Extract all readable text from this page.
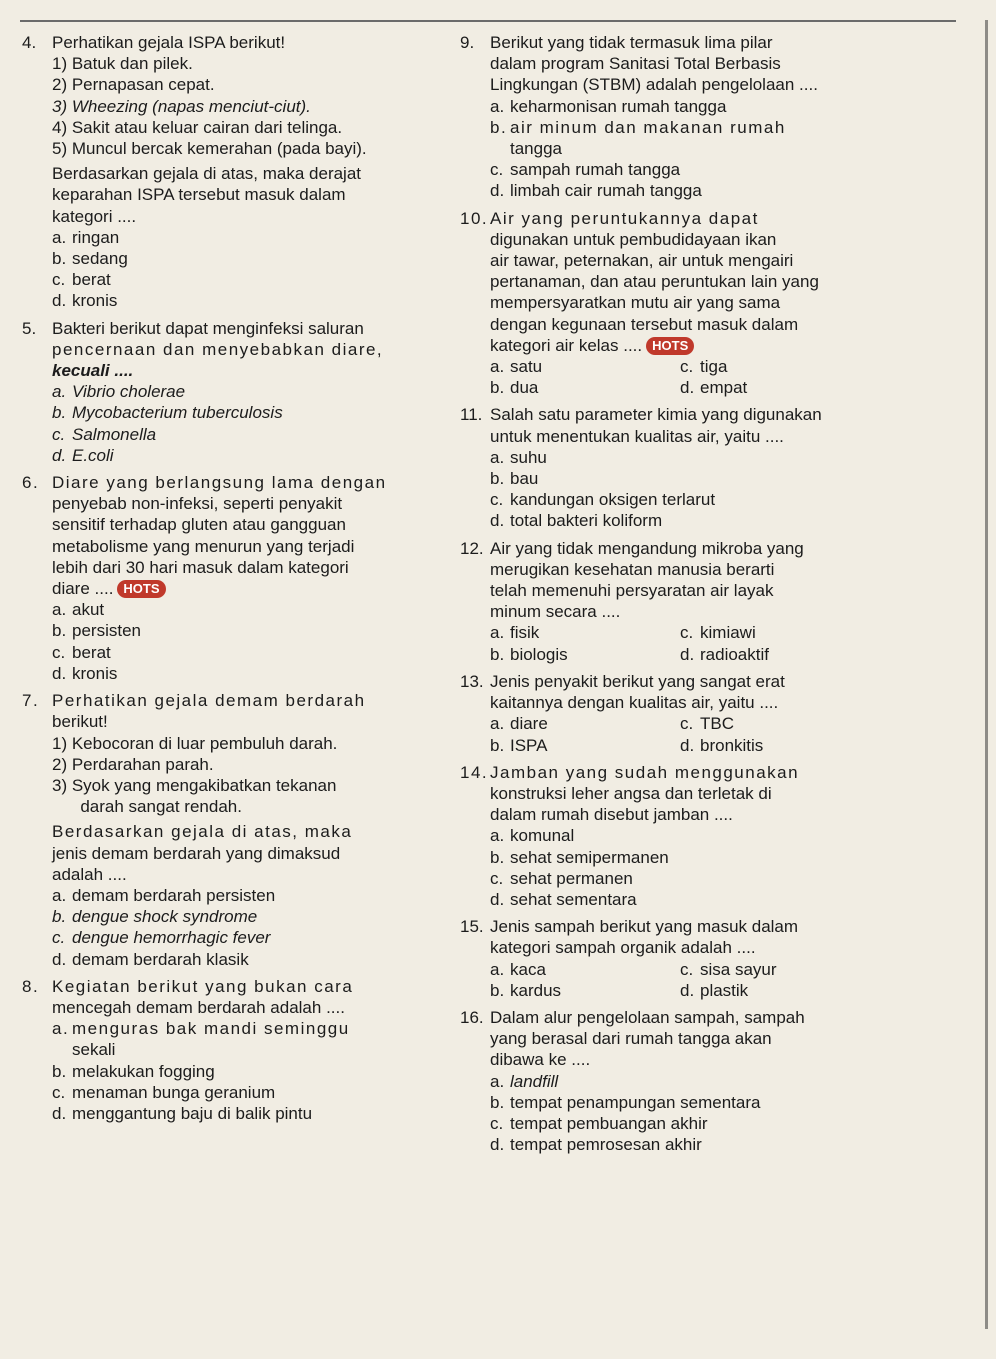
4. Perhatikan gejala ISPA berikut!
1) Batuk dan pilek.
2) Pernapasan cepat.
3) Wheezing (napas menciut-ciut).
4) Sakit atau keluar cairan dari telinga.
5) Muncul bercak kemerahan (pada bayi).
Berdasarkan gejala di atas, maka derajat
keparahan ISPA tersebut masuk dalam
kategori ....
a. ringan
b. sedang
c. berat
d. kronis
5. Bakteri berikut dapat menginfeksi saluran
pencernaan dan menyebabkan diare,
kecuali ....
a. Vibrio cholerae
b. Mycobacterium tuberculosis
c. Salmonella
d. E.coli
6. Diare yang berlangsung lama dengan
penyebab non-infeksi, seperti penyakit
sensitif terhadap gluten atau gangguan
metabolisme yang menurun yang terjadi
lebih dari 30 hari masuk dalam kategori
diare .... HOTS
a. akut
b. persisten
c. berat
d. kronis
7. Perhatikan gejala demam berdarah
berikut!
1) Kebocoran di luar pembuluh darah.
2) Perdarahan parah.
3) Syok yang mengakibatkan tekanan
darah sangat rendah.
Berdasarkan gejala di atas, maka
jenis demam berdarah yang dimaksud
adalah ....
a. demam berdarah persisten
b. dengue shock syndrome
c. dengue hemorrhagic fever
d. demam berdarah klasik
8. Kegiatan berikut yang bukan cara
mencegah demam berdarah adalah ....
a. menguras bak mandi seminggu
sekali
b. melakukan fogging
c. menaman bunga geranium
d. menggantung baju di balik pintu
9. Berikut yang tidak termasuk lima pilar
dalam program Sanitasi Total Berbasis
Lingkungan (STBM) adalah pengelolaan ....
a. keharmonisan rumah tangga
b. air minum dan makanan rumah
tangga
c. sampah rumah tangga
d. limbah cair rumah tangga
10. Air yang peruntukannya dapat
digunakan untuk pembudidayaan ikan
air tawar, peternakan, air untuk mengairi
pertanaman, dan atau peruntukan lain yang
mempersyaratkan mutu air yang sama
dengan kegunaan tersebut masuk dalam
kategori air kelas .... HOTS
a. satu	c. tiga
b. dua	d. empat
11. Salah satu parameter kimia yang digunakan
untuk menentukan kualitas air, yaitu ....
a. suhu
b. bau
c. kandungan oksigen terlarut
d. total bakteri koliform
12. Air yang tidak mengandung mikroba yang
merugikan kesehatan manusia berarti
telah memenuhi persyaratan air layak
minum secara ....
a. fisik	c. kimiawi
b. biologis	d. radioaktif
13. Jenis penyakit berikut yang sangat erat
kaitannya dengan kualitas air, yaitu ....
a. diare	c. TBC
b. ISPA	d. bronkitis
14. Jamban yang sudah menggunakan
konstruksi leher angsa dan terletak di
dalam rumah disebut jamban ....
a. komunal
b. sehat semipermanen
c. sehat permanen
d. sehat sementara
15. Jenis sampah berikut yang masuk dalam
kategori sampah organik adalah ....
a. kaca	c. sisa sayur
b. kardus	d. plastik
16. Dalam alur pengelolaan sampah, sampah
yang berasal dari rumah tangga akan
dibawa ke ....
a. landfill
b. tempat penampungan sementara
c. tempat pembuangan akhir
d. tempat pemrosesan akhir
